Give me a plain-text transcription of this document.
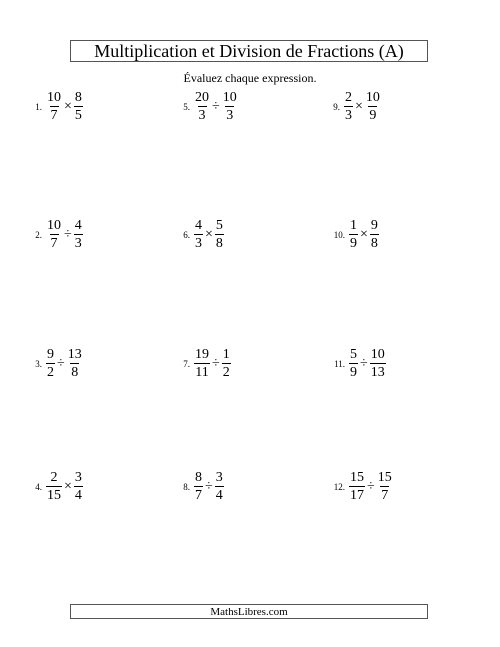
Multiplication et Division de Fractions (A)
Évaluez chaque expression.
1. $\frac{10}{7} \times \frac{8}{5}$
2. $\frac{10}{7} \div \frac{4}{3}$
3. $\frac{9}{2} \div \frac{13}{8}$
4. $\frac{2}{15} \times \frac{3}{4}$
5. $\frac{20}{3} \div \frac{10}{3}$
6. $\frac{4}{3} \times \frac{5}{8}$
7. $\frac{19}{11} \div \frac{1}{2}$
8. $\frac{8}{7} \div \frac{3}{4}$
9. $\frac{2}{3} \times \frac{10}{9}$
10. $\frac{1}{9} \times \frac{9}{8}$
11. $\frac{5}{9} \div \frac{10}{13}$
12. $\frac{15}{17} \div \frac{15}{7}$
MathsLibres.com
